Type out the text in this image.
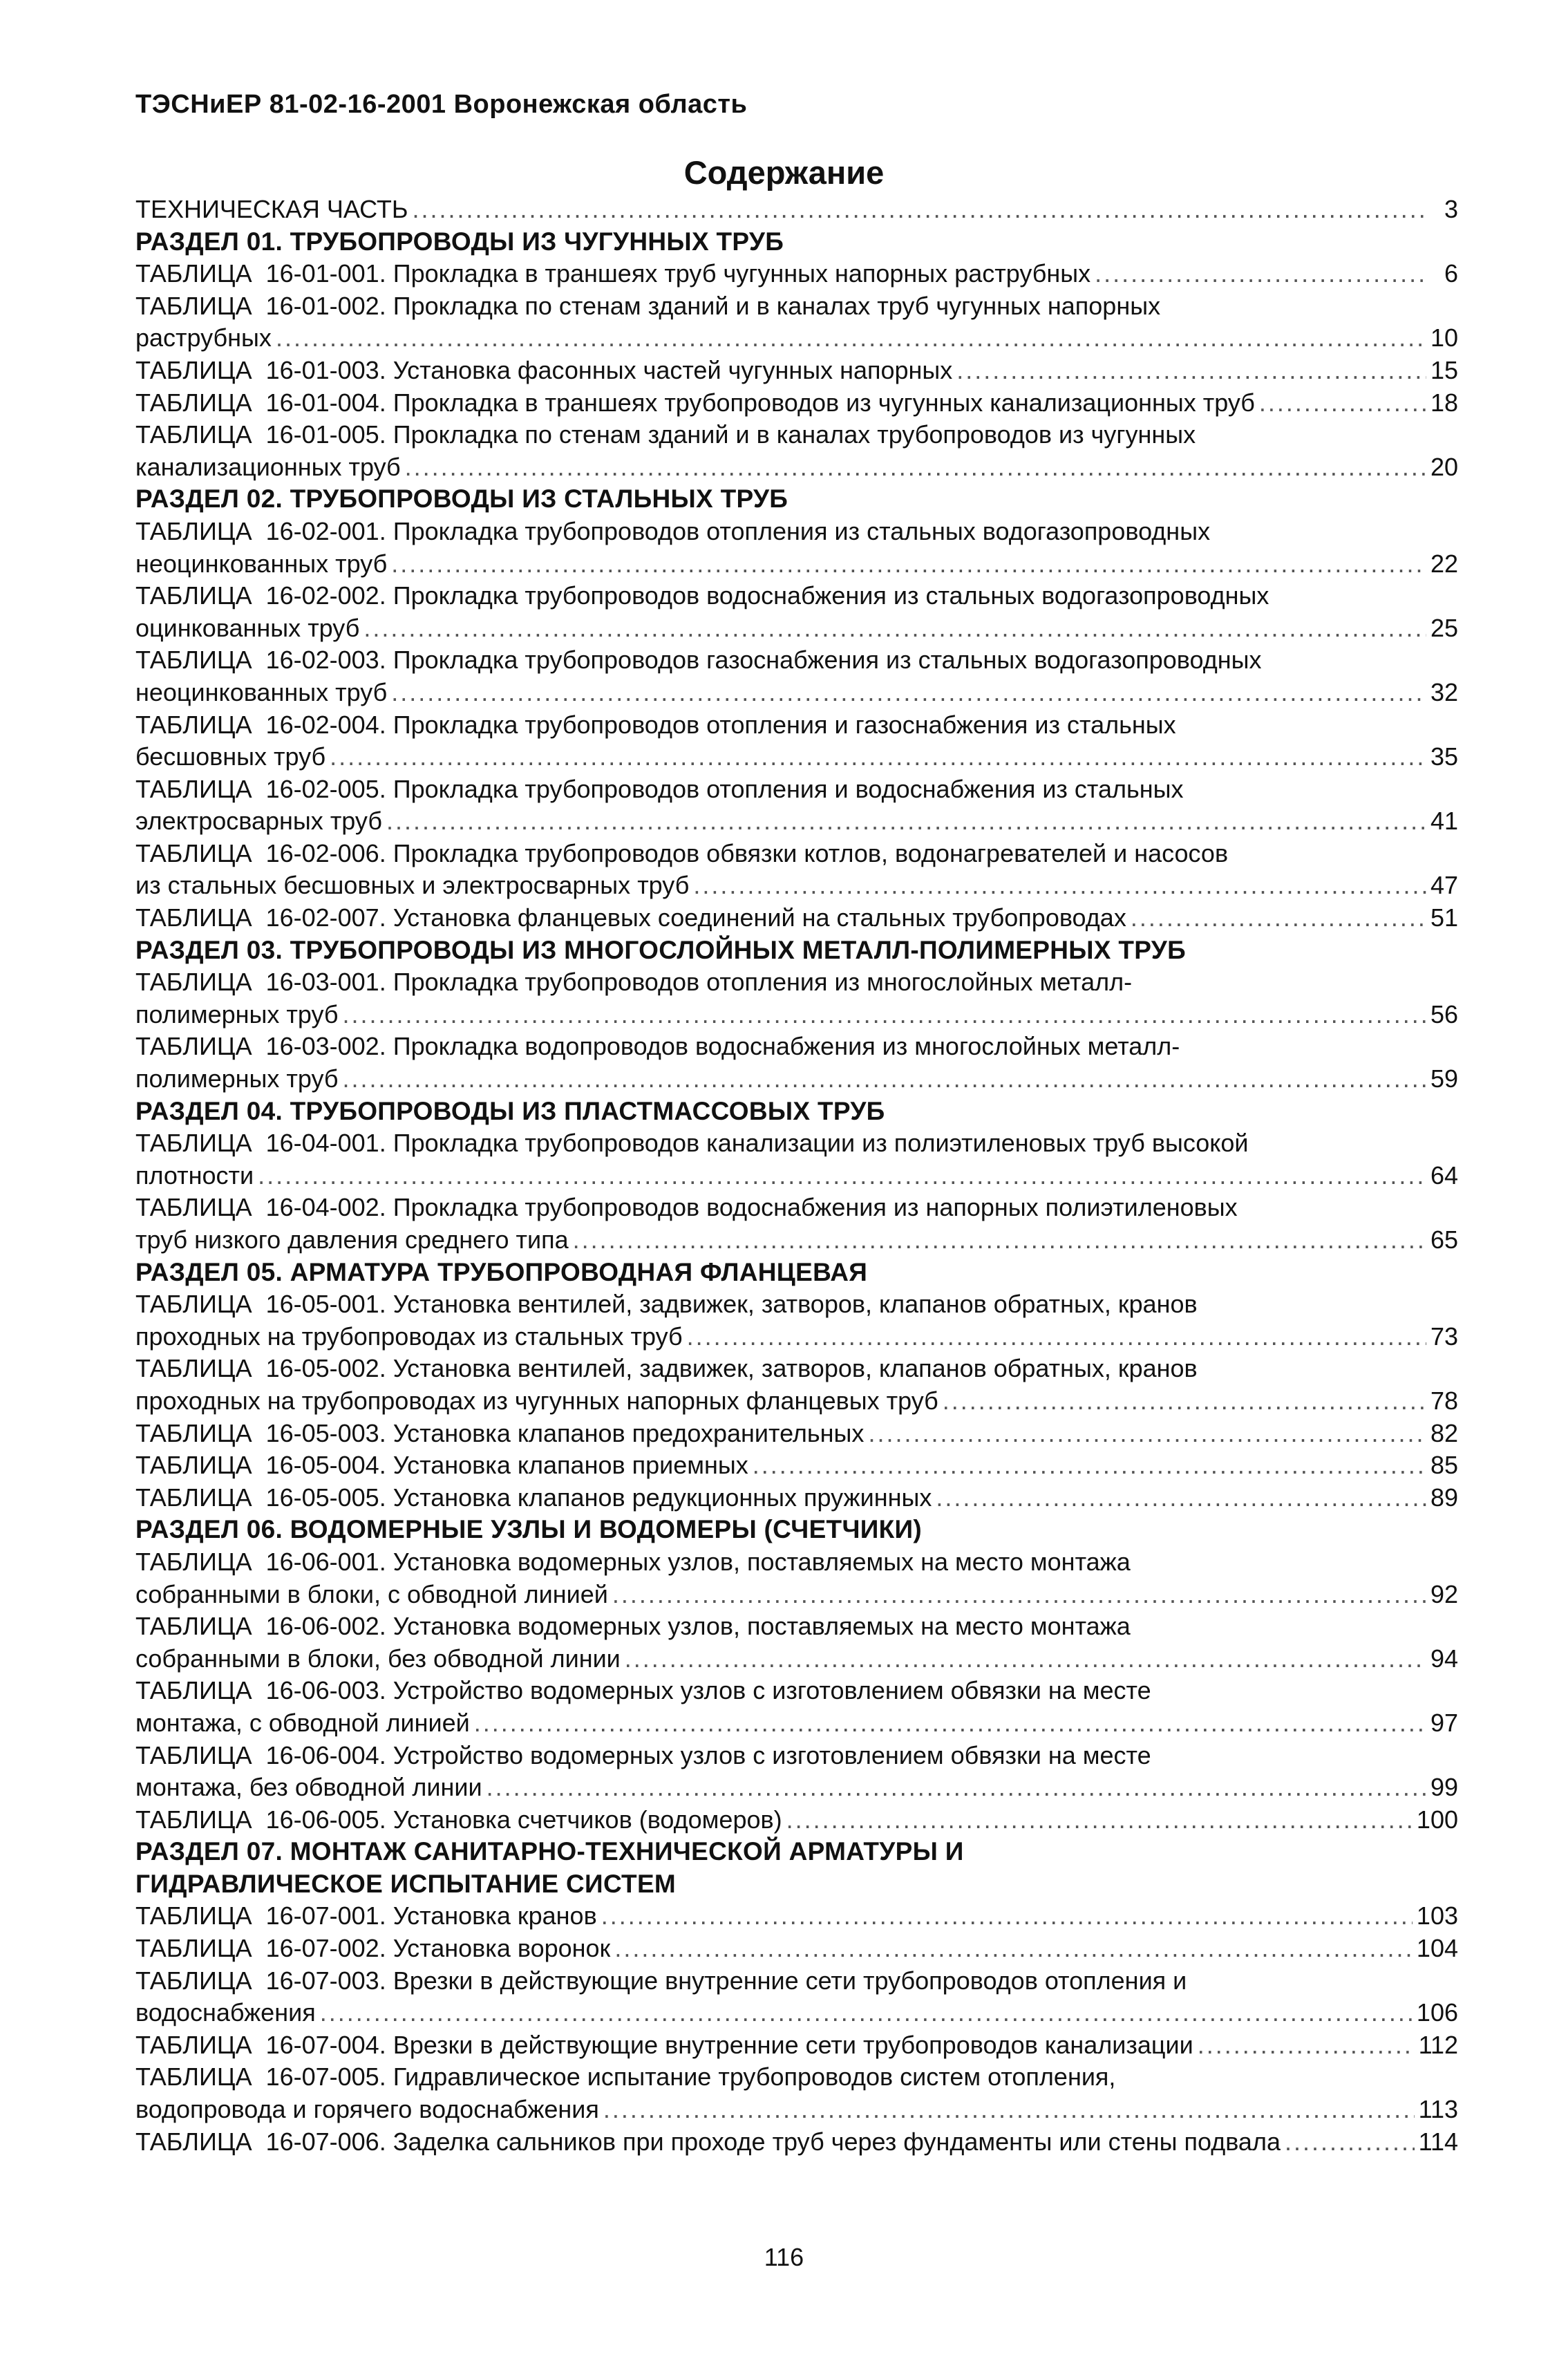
ТЭСНиЕР 81-02-16-2001 Воронежская область
Содержание
ТЕХНИЧЕСКАЯ ЧАСТЬ .....	3
РАЗДЕЛ 01. ТРУБОПРОВОДЫ ИЗ ЧУГУННЫХ ТРУБ
ТАБЛИЦА  16-01-001. Прокладка в траншеях труб чугунных напорных раструбных .....	6
ТАБЛИЦА  16-01-002. Прокладка по стенам зданий и в каналах труб чугунных напорных
раструбных .....	10
ТАБЛИЦА  16-01-003. Установка фасонных частей чугунных напорных .....	15
ТАБЛИЦА  16-01-004. Прокладка в траншеях трубопроводов из чугунных канализационных труб .....	18
ТАБЛИЦА  16-01-005. Прокладка по стенам зданий и в каналах трубопроводов из чугунных
канализационных труб .....	20
РАЗДЕЛ 02. ТРУБОПРОВОДЫ ИЗ СТАЛЬНЫХ ТРУБ
ТАБЛИЦА  16-02-001. Прокладка трубопроводов отопления из стальных водогазопроводных
неоцинкованных труб .....	22
ТАБЛИЦА  16-02-002. Прокладка трубопроводов водоснабжения из стальных водогазопроводных
оцинкованных труб .....	25
ТАБЛИЦА  16-02-003. Прокладка трубопроводов газоснабжения из стальных водогазопроводных
неоцинкованных труб .....	32
ТАБЛИЦА  16-02-004. Прокладка трубопроводов отопления и газоснабжения из стальных
бесшовных труб .....	35
ТАБЛИЦА  16-02-005. Прокладка трубопроводов отопления и водоснабжения из стальных
электросварных труб .....	41
ТАБЛИЦА  16-02-006. Прокладка трубопроводов обвязки котлов, водонагревателей и насосов
из стальных бесшовных и электросварных труб .....	47
ТАБЛИЦА  16-02-007. Установка фланцевых соединений на стальных трубопроводах .....	51
РАЗДЕЛ 03. ТРУБОПРОВОДЫ ИЗ МНОГОСЛОЙНЫХ МЕТАЛЛ-ПОЛИМЕРНЫХ ТРУБ
ТАБЛИЦА  16-03-001. Прокладка трубопроводов отопления из многослойных металл-
полимерных труб .....	56
ТАБЛИЦА  16-03-002. Прокладка водопроводов водоснабжения из многослойных металл-
полимерных труб .....	59
РАЗДЕЛ 04. ТРУБОПРОВОДЫ ИЗ ПЛАСТМАССОВЫХ ТРУБ
ТАБЛИЦА  16-04-001. Прокладка трубопроводов канализации из полиэтиленовых труб высокой
плотности .....	64
ТАБЛИЦА  16-04-002. Прокладка трубопроводов водоснабжения из напорных полиэтиленовых
труб низкого давления среднего типа .....	65
РАЗДЕЛ 05. АРМАТУРА ТРУБОПРОВОДНАЯ ФЛАНЦЕВАЯ
ТАБЛИЦА  16-05-001. Установка вентилей, задвижек, затворов, клапанов обратных, кранов
проходных на трубопроводах из стальных труб .....	73
ТАБЛИЦА  16-05-002. Установка вентилей, задвижек, затворов, клапанов обратных, кранов
проходных на трубопроводах из чугунных напорных фланцевых труб .....	78
ТАБЛИЦА  16-05-003. Установка клапанов предохранительных .....	82
ТАБЛИЦА  16-05-004. Установка клапанов приемных .....	85
ТАБЛИЦА  16-05-005. Установка клапанов редукционных пружинных .....	89
РАЗДЕЛ 06. ВОДОМЕРНЫЕ УЗЛЫ И ВОДОМЕРЫ (СЧЕТЧИКИ)
ТАБЛИЦА  16-06-001. Установка водомерных узлов, поставляемых на место монтажа
собранными в блоки, с обводной линией .....	92
ТАБЛИЦА  16-06-002. Установка водомерных узлов, поставляемых на место монтажа
собранными в блоки, без обводной линии .....	94
ТАБЛИЦА  16-06-003. Устройство водомерных узлов с изготовлением обвязки на месте
монтажа, с обводной линией .....	97
ТАБЛИЦА  16-06-004. Устройство водомерных узлов с изготовлением обвязки на месте
монтажа, без обводной линии .....	99
ТАБЛИЦА  16-06-005. Установка счетчиков (водомеров) .....	100
РАЗДЕЛ 07. МОНТАЖ САНИТАРНО-ТЕХНИЧЕСКОЙ АРМАТУРЫ И
ГИДРАВЛИЧЕСКОЕ ИСПЫТАНИЕ СИСТЕМ
ТАБЛИЦА  16-07-001. Установка кранов .....	103
ТАБЛИЦА  16-07-002. Установка воронок .....	104
ТАБЛИЦА  16-07-003. Врезки в действующие внутренние сети трубопроводов отопления и
водоснабжения .....	106
ТАБЛИЦА  16-07-004. Врезки в действующие внутренние сети трубопроводов канализации .....	112
ТАБЛИЦА  16-07-005. Гидравлическое испытание трубопроводов систем отопления,
водопровода и горячего водоснабжения .....	113
ТАБЛИЦА  16-07-006. Заделка сальников при проходе труб через фундаменты или стены подвала .....	114
116
